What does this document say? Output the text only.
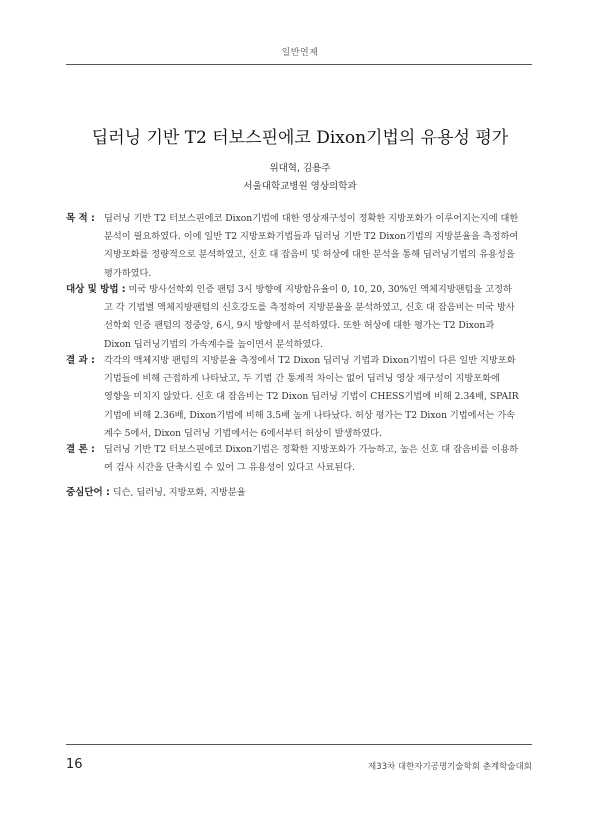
일반연제
딥러닝 기반 T2 터보스핀에코 Dixon기법의 유용성 평가
위대혁, 김용주
서울대학교병원 영상의학과
목 적 : 딥러닝 기반 T2 터보스핀에코 Dixon기법에 대한 영상재구성이 정확한 지방포화가 이루어지는지에 대한
분석이 필요하였다. 이에 일반 T2 지방포화기법들과 딥러닝 기반 T2 Dixon기법의 지방분율을 측정하여
지방포화를 정량적으로 분석하였고, 신호 대 잡음비 및 허상에 대한 분석을 통해 딥러닝기법의 유용성을
평가하였다.
대상 및 방법 : 미국 방사선학회 인증 팬텀 3시 방향에 지방함유율이 0, 10, 20, 30%인 액체지방팬텀을 고정하
고 각 기법별 액체지방팬텀의 신호강도를 측정하여 지방분율을 분석하였고, 신호 대 잡음비는 미국 방사
선학회 인증 팬텀의 정중앙, 6시, 9시 방향에서 분석하였다. 또한 허상에 대한 평가는 T2 Dixon과
Dixon 딥러닝기법의 가속계수를 높이면서 분석하였다.
결 과 : 각각의 액체지방 팬텀의 지방분율 측정에서 T2 Dixon 딥러닝 기법과 Dixon기법이 다른 일반 지방포화
기법들에 비해 근접하게 나타났고, 두 기법 간 통계적 차이는 없어 딥러닝 영상 재구성이 지방포화에
영향을 미치지 않았다. 신호 대 잡음비는 T2 Dixon 딥러닝 기법이 CHESS기법에 비해 2.34배, SPAIR
기법에 비해 2.36배, Dixon기법에 비해 3.5배 높게 나타났다. 허상 평가는 T2 Dixon 기법에서는 가속
계수 5에서, Dixon 딥러닝 기법에서는 6에서부터 허상이 발생하였다.
결 론 : 딥러닝 기반 T2 터보스핀에코 Dixon기법은 정확한 지방포화가 가능하고, 높은 신호 대 잡음비를 이용하
여 검사 시간을 단축시킬 수 있어 그 유용성이 있다고 사료된다.
중심단어 : 딕슨, 딥러닝, 지방포화, 지방분율
16	제33차 대한자기공명기술학회 춘계학술대회
